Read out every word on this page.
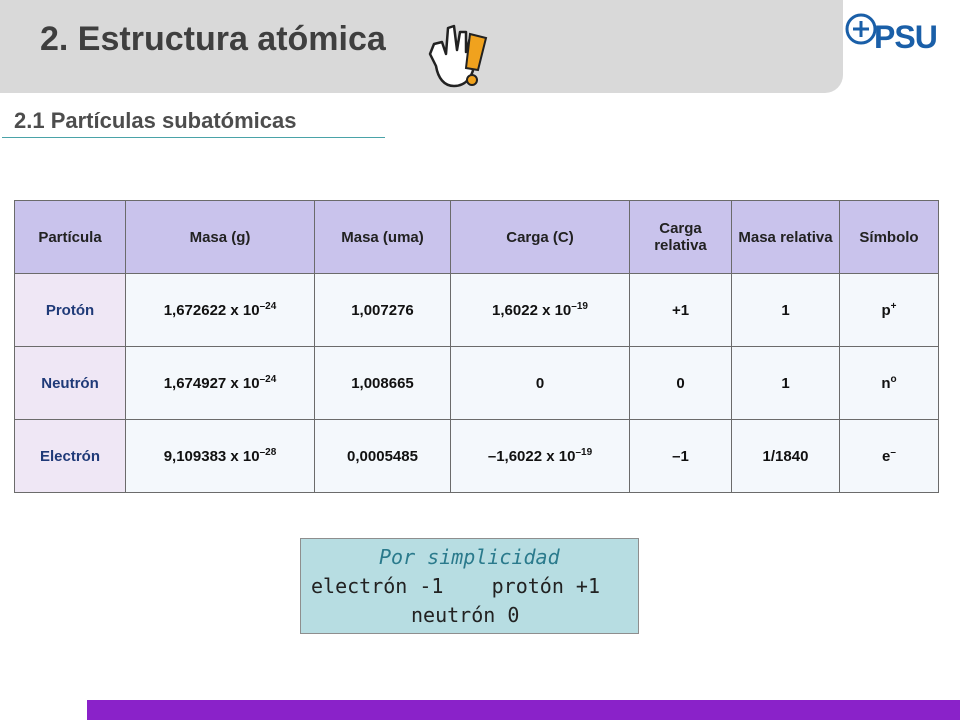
2. Estructura atómica	PSU
2.1 Partículas subatómicas
Partícula	Masa (g)	Masa (uma)	Carga (C)	Carga relativa	Masa relativa	Símbolo
Protón	1,672622 x $10^{-24}$	1,007276	1,6022 x $10^{-19}$	+1	1	p+
Neutrón	1,674927 x $10^{-24}$	1,008665	0	0	1	$n^o$
Electrón	9,109383 x $10^{-28}$	0,0005485	–1,6022 x $10^{-19}$	–1	1/1840	e–
Por simplicidad
electrón -1    protón +1
neutrón 0
